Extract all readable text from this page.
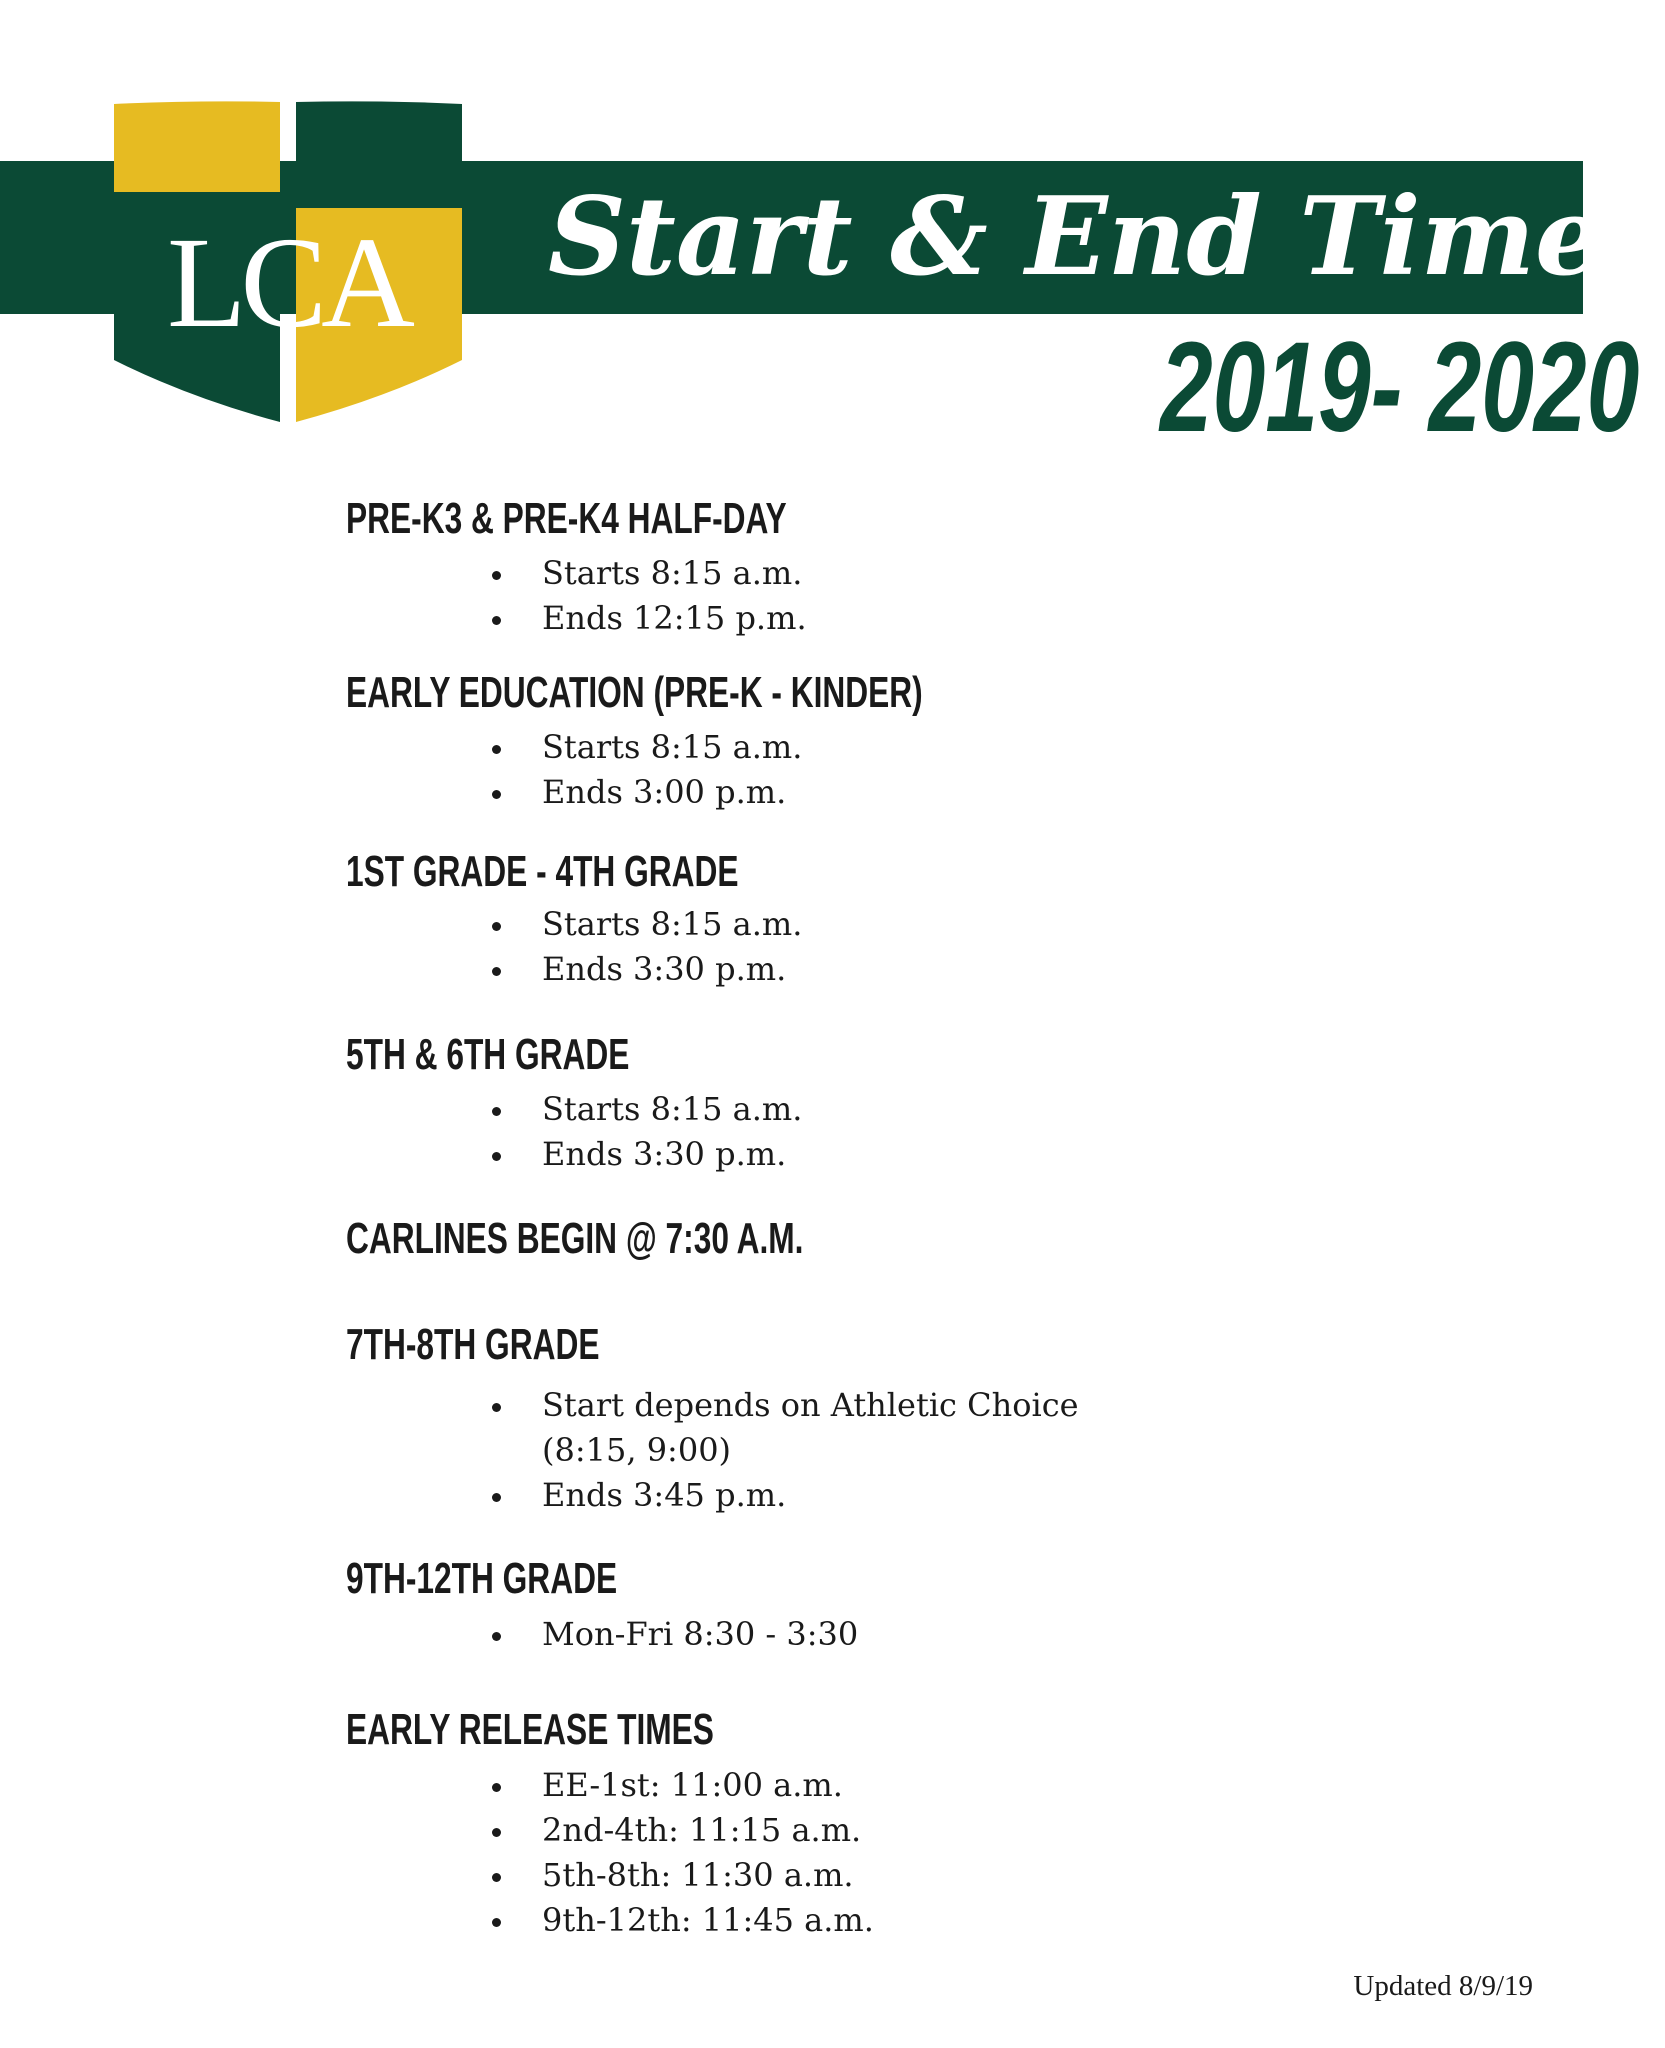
Start & End Times
LCA
2019- 2020
PRE-K3 & PRE-K4 HALF-DAY
Starts 8:15 a.m.
Ends 12:15 p.m.
EARLY EDUCATION (PRE-K - KINDER)
Starts 8:15 a.m.
Ends 3:00 p.m.
1ST GRADE - 4TH GRADE
Starts 8:15 a.m.
Ends 3:30 p.m.
5TH & 6TH GRADE
Starts 8:15 a.m.
Ends 3:30 p.m.
CARLINES BEGIN @ 7:30 A.M.
7TH-8TH GRADE
Start depends on Athletic Choice
(8:15, 9:00)
Ends 3:45 p.m.
9TH-12TH GRADE
Mon-Fri 8:30 - 3:30
EARLY RELEASE TIMES
EE-1st: 11:00 a.m.
2nd-4th: 11:15 a.m.
5th-8th: 11:30 a.m.
9th-12th: 11:45 a.m.
Updated 8/9/19
